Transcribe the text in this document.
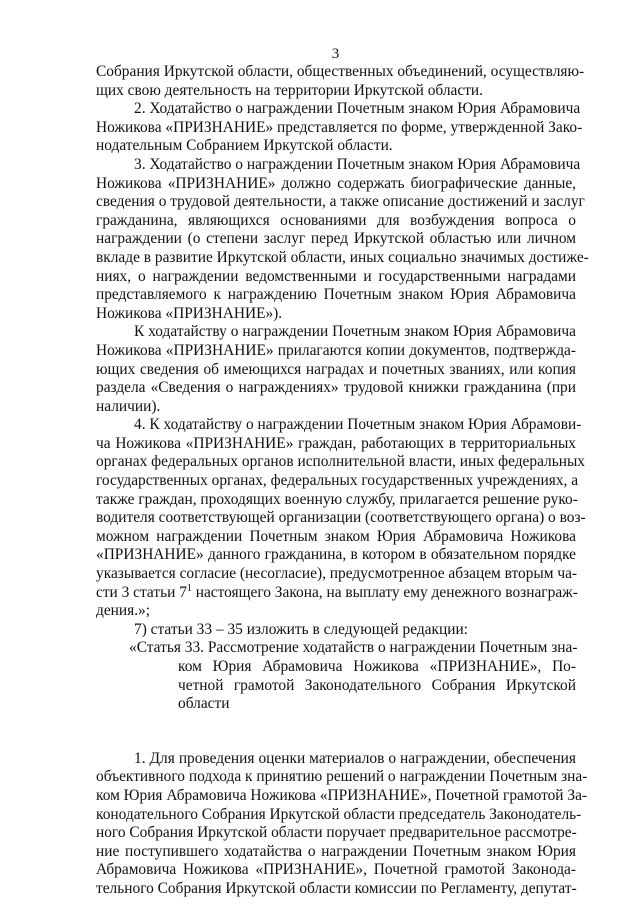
3
Собрания Иркутской области, общественных объединений, осуществляю-
щих свою деятельность на территории Иркутской области.
2. Ходатайство о награждении Почетным знаком Юрия Абрамовича
Ножикова «ПРИЗНАНИЕ» представляется по форме, утвержденной Зако-
нодательным Собранием Иркутской области.
3. Ходатайство о награждении Почетным знаком Юрия Абрамовича
Ножикова «ПРИЗНАНИЕ» должно содержать биографические данные,
сведения о трудовой деятельности, а также описание достижений и заслуг
гражданина, являющихся основаниями для возбуждения вопроса о
награждении (о степени заслуг перед Иркутской областью или личном
вкладе в развитие Иркутской области, иных социально значимых достиже-
ниях, о награждении ведомственными и государственными наградами
представляемого к награждению Почетным знаком Юрия Абрамовича
Ножикова «ПРИЗНАНИЕ»).
К ходатайству о награждении Почетным знаком Юрия Абрамовича
Ножикова «ПРИЗНАНИЕ» прилагаются копии документов, подтвержда-
ющих сведения об имеющихся наградах и почетных званиях, или копия
раздела «Сведения о награждениях» трудовой книжки гражданина (при
наличии).
4. К ходатайству о награждении Почетным знаком Юрия Абрамови-
ча Ножикова «ПРИЗНАНИЕ» граждан, работающих в территориальных
органах федеральных органов исполнительной власти, иных федеральных
государственных органах, федеральных государственных учреждениях, а
также граждан, проходящих военную службу, прилагается решение руко-
водителя соответствующей организации (соответствующего органа) о воз-
можном награждении Почетным знаком Юрия Абрамовича Ножикова
«ПРИЗНАНИЕ» данного гражданина, в котором в обязательном порядке
указывается согласие (несогласие), предусмотренное абзацем вторым ча-
сти 3 статьи $7^1$ настоящего Закона, на выплату ему денежного вознаграж-
дения.»;
7) статьи 33 – 35 изложить в следующей редакции:
«Статья 33. Рассмотрение ходатайств о награждении Почетным зна-
ком Юрия Абрамовича Ножикова «ПРИЗНАНИЕ», По-
четной грамотой Законодательного Собрания Иркутской
области
1. Для проведения оценки материалов о награждении, обеспечения
объективного подхода к принятию решений о награждении Почетным зна-
ком Юрия Абрамовича Ножикова «ПРИЗНАНИЕ», Почетной грамотой За-
конодательного Собрания Иркутской области председатель Законодатель-
ного Собрания Иркутской области поручает предварительное рассмотре-
ние поступившего ходатайства о награждении Почетным знаком Юрия
Абрамовича Ножикова «ПРИЗНАНИЕ», Почетной грамотой Законода-
тельного Собрания Иркутской области комиссии по Регламенту, депутат-
